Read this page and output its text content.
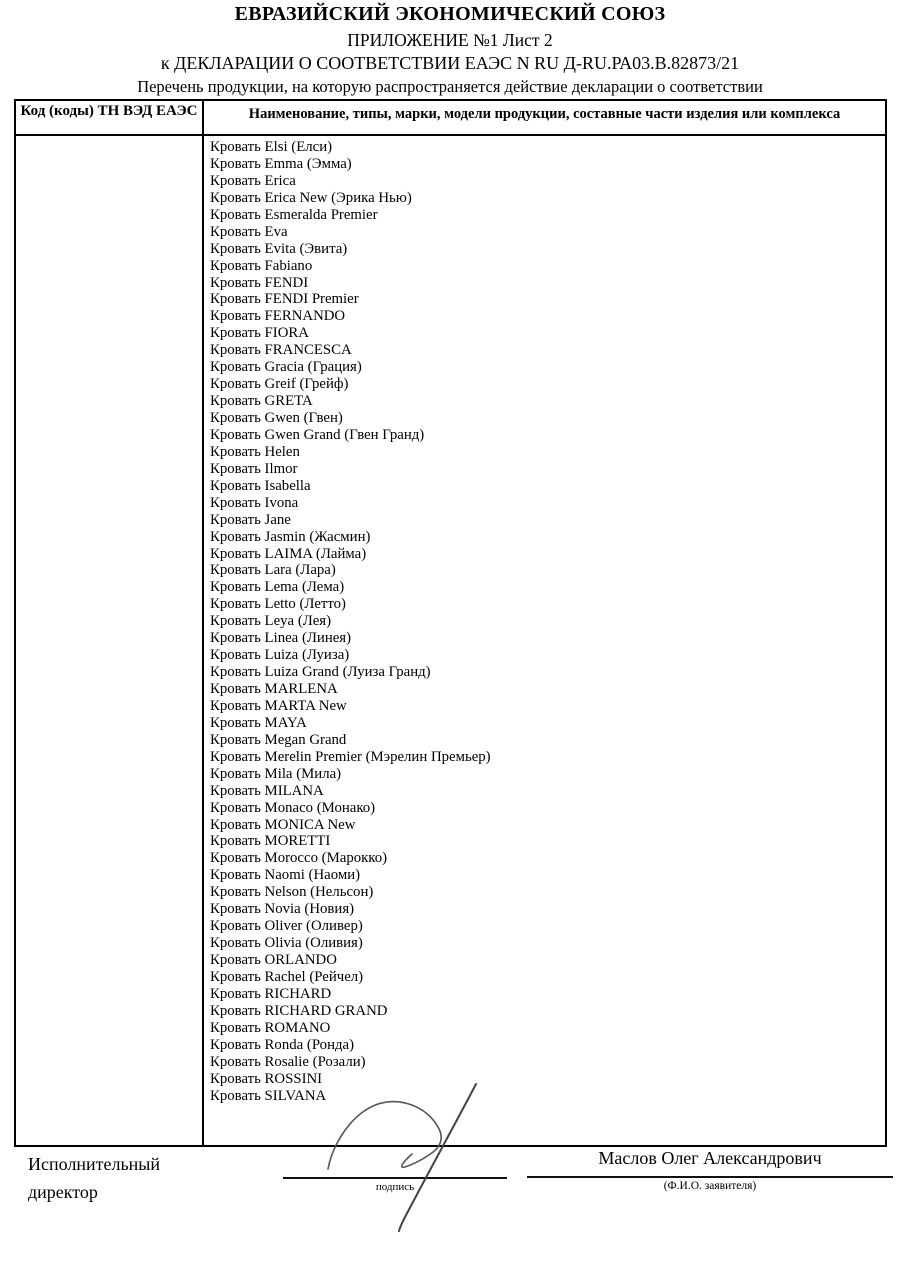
ЕВРАЗИЙСКИЙ ЭКОНОМИЧЕСКИЙ СОЮЗ
ПРИЛОЖЕНИЕ №1 Лист 2
к ДЕКЛАРАЦИИ О СООТВЕТСТВИИ ЕАЭС N RU Д-RU.РА03.В.82873/21
Перечень продукции, на которую распространяется действие декларации о соответствии
Код (коды) ТН ВЭД ЕАЭС	Наименование, типы, марки, модели продукции, составные части изделия или комплекса
Кровать Elsi (Елси)
Кровать Emma (Эмма)
Кровать Erica
Кровать Erica New (Эрика Нью)
Кровать Esmeralda Premier
Кровать Eva
Кровать Evita (Эвита)
Кровать Fabiano
Кровать FENDI
Кровать FENDI Premier
Кровать FERNANDO
Кровать FIORA
Кровать FRANCESCA
Кровать Gracia (Грация)
Кровать Greif (Грейф)
Кровать GRETA
Кровать Gwen (Гвен)
Кровать Gwen Grand (Гвен Гранд)
Кровать Helen
Кровать Ilmor
Кровать Isabella
Кровать Ivona
Кровать Jane
Кровать Jasmin (Жасмин)
Кровать LAIMA (Лайма)
Кровать Lara (Лара)
Кровать Lema (Лема)
Кровать Letto (Летто)
Кровать Leya (Лея)
Кровать Linea (Линея)
Кровать Luiza (Луиза)
Кровать Luiza Grand (Луиза Гранд)
Кровать MARLENA
Кровать MARTA New
Кровать MAYA
Кровать Megan Grand
Кровать Merelin Premier (Мэрелин Премьер)
Кровать Mila (Мила)
Кровать MILANA
Кровать Monaco (Монако)
Кровать MONICA New
Кровать MORETTI
Кровать Morocco (Марокко)
Кровать Naomi (Наоми)
Кровать Nelson (Нельсон)
Кровать Novia (Новия)
Кровать Oliver (Оливер)
Кровать Olivia (Оливия)
Кровать ORLANDO
Кровать Rachel (Рейчел)
Кровать RICHARD
Кровать RICHARD GRAND
Кровать ROMANO
Кровать Ronda (Ронда)
Кровать Rosalie (Розали)
Кровать ROSSINI
Кровать SILVANA
Исполнительный
директор	подпись
Маслов Олег Александрович
(Ф.И.О. заявителя)
